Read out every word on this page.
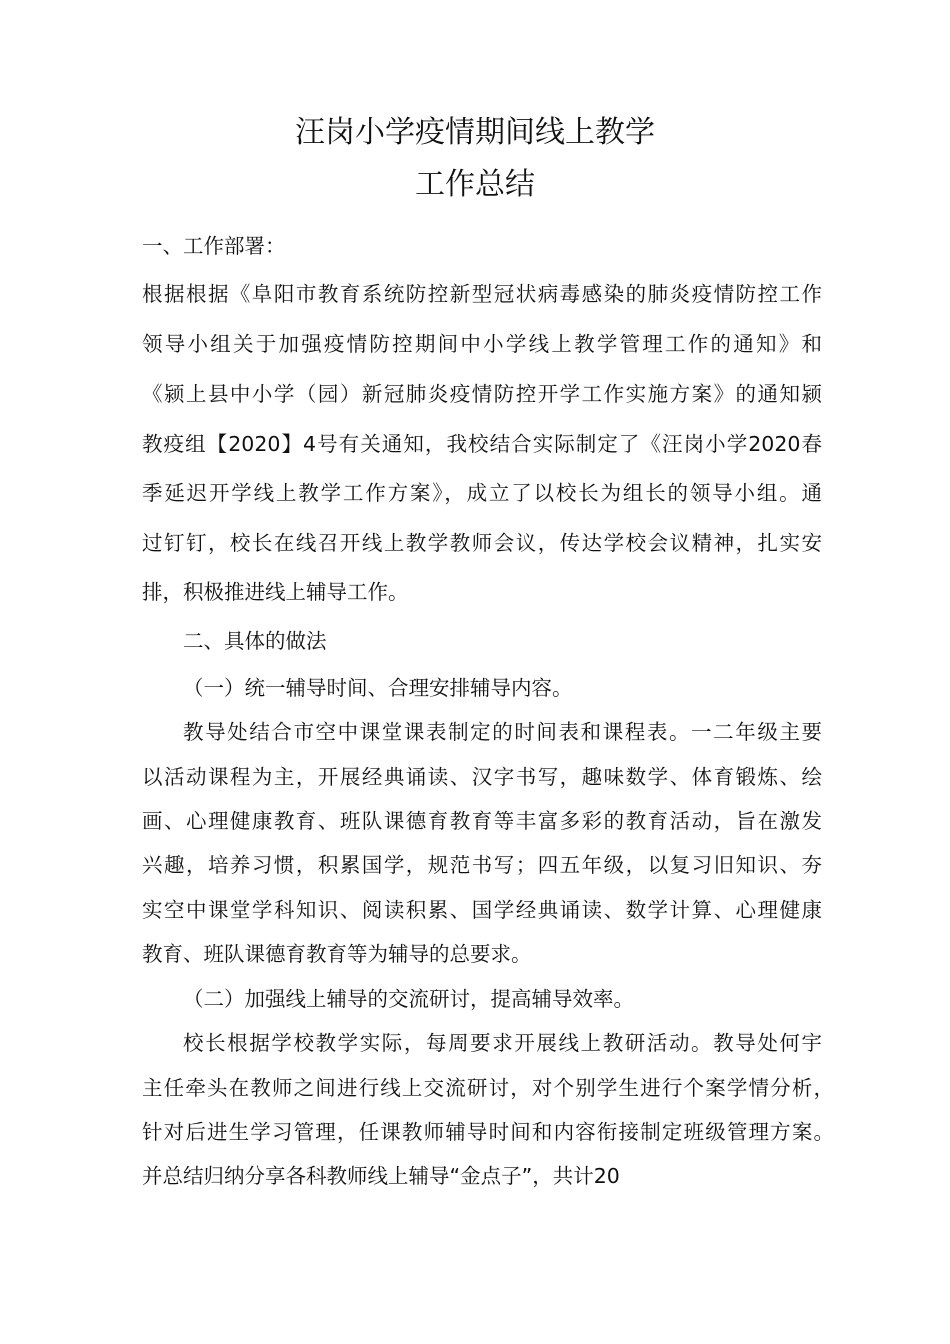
汪岗小学疫情期间线上教学
工作总结
一、工作部署：
根据根据《阜阳市教育系统防控新型冠状病毒感染的肺炎疫情防控工作
领导小组关于加强疫情防控期间中小学线上教学管理工作的通知》和
《颍上县中小学（园）新冠肺炎疫情防控开学工作实施方案》的通知颍
教疫组【2020】4号有关通知，我校结合实际制定了《汪岗小学2020春
季延迟开学线上教学工作方案》，成立了以校长为组长的领导小组。通
过钉钉，校长在线召开线上教学教师会议，传达学校会议精神，扎实安
排，积极推进线上辅导工作。
二、具体的做法
（一）统一辅导时间、合理安排辅导内容。
教导处结合市空中课堂课表制定的时间表和课程表。一二年级主要
以活动课程为主，开展经典诵读、汉字书写，趣味数学、体育锻炼、绘
画、心理健康教育、班队课德育教育等丰富多彩的教育活动，旨在激发
兴趣，培养习惯，积累国学，规范书写；四五年级，以复习旧知识、夯
实空中课堂学科知识、阅读积累、国学经典诵读、数学计算、心理健康
教育、班队课德育教育等为辅导的总要求。
（二）加强线上辅导的交流研讨，提高辅导效率。
校长根据学校教学实际，每周要求开展线上教研活动。教导处何宇
主任牵头在教师之间进行线上交流研讨，对个别学生进行个案学情分析，
针对后进生学习管理，任课教师辅导时间和内容衔接制定班级管理方案。
并总结归纳分享各科教师线上辅导“金点子”，共计20
